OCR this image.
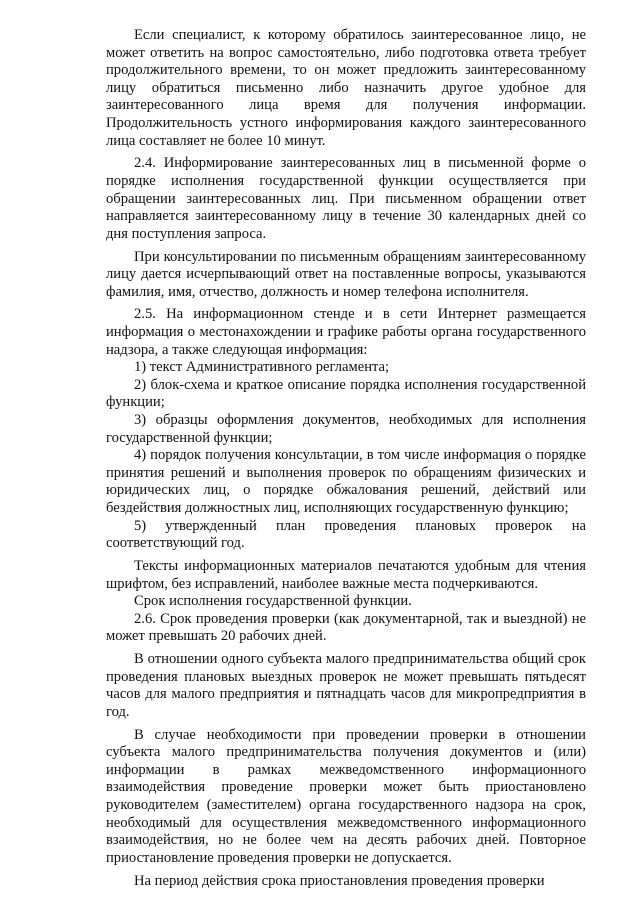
Если специалист, к которому обратилось заинтересованное лицо, не может ответить на вопрос самостоятельно, либо подготовка ответа требует продолжительного времени, то он может предложить заинтересованному лицу обратиться письменно либо назначить другое удобное для заинтересованного лица время для получения информации. Продолжительность устного информирования каждого заинтересованного лица составляет не более 10 минут.

2.4. Информирование заинтересованных лиц в письменной форме о порядке исполнения государственной функции осуществляется при обращении заинтересованных лиц. При письменном обращении ответ направляется заинтересованному лицу в течение 30 календарных дней со дня поступления запроса.

При консультировании по письменным обращениям заинтересованному лицу дается исчерпывающий ответ на поставленные вопросы, указываются фамилия, имя, отчество, должность и номер телефона исполнителя.

2.5. На информационном стенде и в сети Интернет размещается информация о местонахождении и графике работы органа государственного надзора, а также следующая информация:

1) текст Административного регламента;

2) блок-схема и краткое описание порядка исполнения государственной функции;

3) образцы оформления документов, необходимых для исполнения государственной функции;

4) порядок получения консультации, в том числе информация о порядке принятия решений и выполнения проверок по обращениям физических и юридических лиц, о порядке обжалования решений, действий или бездействия должностных лиц, исполняющих государственную функцию;

5) утвержденный план проведения плановых проверок на соответствующий год.

Тексты информационных материалов печатаются удобным для чтения шрифтом, без исправлений, наиболее важные места подчеркиваются.

Срок исполнения государственной функции.

2.6. Срок проведения проверки (как документарной, так и выездной) не может превышать 20 рабочих дней.

В отношении одного субъекта малого предпринимательства общий срок проведения плановых выездных проверок не может превышать пятьдесят часов для малого предприятия и пятнадцать часов для микропредприятия в год.

В случае необходимости при проведении проверки в отношении субъекта малого предпринимательства получения документов и (или) информации в рамках межведомственного информационного взаимодействия проведение проверки может быть приостановлено руководителем (заместителем) органа государственного надзора на срок, необходимый для осуществления межведомственного информационного взаимодействия, но не более чем на десять рабочих дней. Повторное приостановление проведения проверки не допускается.

На период действия срока приостановления проведения проверки
